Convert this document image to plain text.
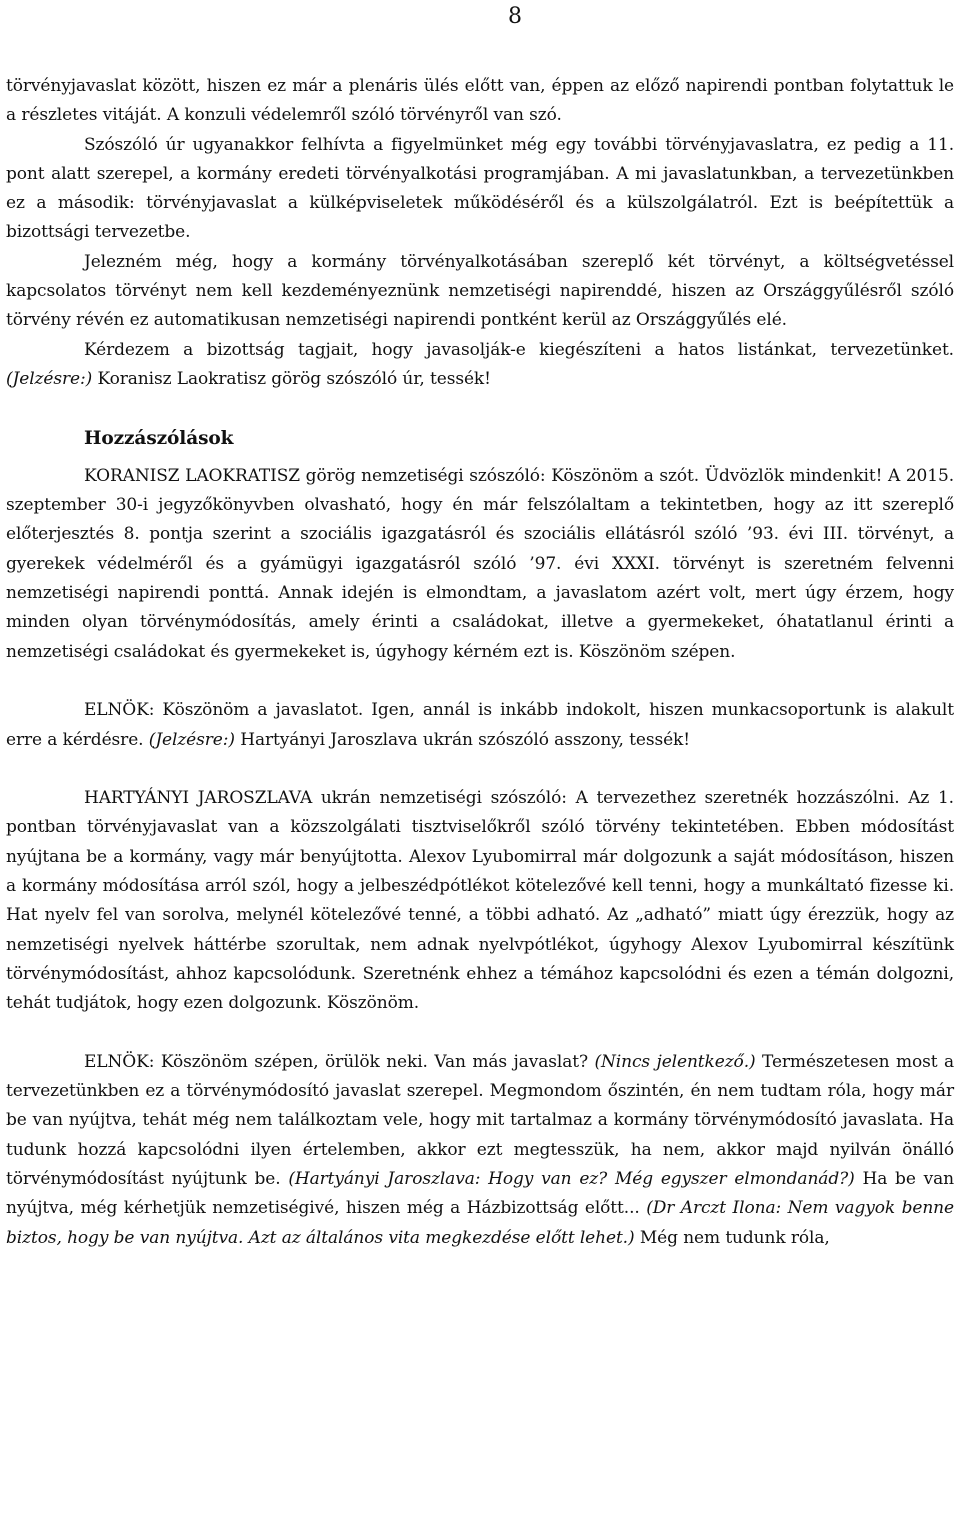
8

törvényjavaslat között, hiszen ez már a plenáris ülés előtt van, éppen az előző napirendi pontban folytattuk le a részletes vitáját. A konzuli védelemről szóló törvényről van szó.

Szószóló úr ugyanakkor felhívta a figyelmünket még egy további törvényjavaslatra, ez pedig a 11. pont alatt szerepel, a kormány eredeti törvényalkotási programjában. A mi javaslatunkban, a tervezetünkben ez a második: törvényjavaslat a külképviseletek működéséről és a külszolgálatról. Ezt is beépítettük a bizottsági tervezetbe.

Jelezném még, hogy a kormány törvényalkotásában szereplő két törvényt, a költségvetéssel kapcsolatos törvényt nem kell kezdeményeznünk nemzetiségi napirenddé, hiszen az Országgyűlésről szóló törvény révén ez automatikusan nemzetiségi napirendi pontként kerül az Országgyűlés elé.

Kérdezem a bizottság tagjait, hogy javasolják-e kiegészíteni a hatos listánkat, tervezetünket. (Jelzésre:) Koranisz Laokratisz görög szószóló úr, tessék!

Hozzászólások

KORANISZ LAOKRATISZ görög nemzetiségi szószóló: Köszönöm a szót. Üdvözlök mindenkit! A 2015. szeptember 30-i jegyzőkönyvben olvasható, hogy én már felszólaltam a tekintetben, hogy az itt szereplő előterjesztés 8. pontja szerint a szociális igazgatásról és szociális ellátásról szóló ’93. évi III. törvényt, a gyerekek védelméről és a gyámügyi igazgatásról szóló ’97. évi XXXI. törvényt is szeretném felvenni nemzetiségi napirendi ponttá. Annak idején is elmondtam, a javaslatom azért volt, mert úgy érzem, hogy minden olyan törvénymódosítás, amely érinti a családokat, illetve a gyermekeket, óhatatlanul érinti a nemzetiségi családokat és gyermekeket is, úgyhogy kérném ezt is. Köszönöm szépen.

ELNÖK: Köszönöm a javaslatot. Igen, annál is inkább indokolt, hiszen munkacsoportunk is alakult erre a kérdésre. (Jelzésre:) Hartyányi Jaroszlava ukrán szószóló asszony, tessék!

HARTYÁNYI JAROSZLAVA ukrán nemzetiségi szószóló: A tervezethez szeretnék hozzászólni. Az 1. pontban törvényjavaslat van a közszolgálati tisztviselőkről szóló törvény tekintetében. Ebben módosítást nyújtana be a kormány, vagy már benyújtotta. Alexov Lyubomirral már dolgozunk a saját módosításon, hiszen a kormány módosítása arról szól, hogy a jelbeszédpótlékot kötelezővé kell tenni, hogy a munkáltató fizesse ki. Hat nyelv fel van sorolva, melynél kötelezővé tenné, a többi adható. Az „adható” miatt úgy érezzük, hogy az nemzetiségi nyelvek háttérbe szorultak, nem adnak nyelvpótlékot, úgyhogy Alexov Lyubomirral készítünk törvénymódosítást, ahhoz kapcsolódunk. Szeretnénk ehhez a témához kapcsolódni és ezen a témán dolgozni, tehát tudjátok, hogy ezen dolgozunk. Köszönöm.

ELNÖK: Köszönöm szépen, örülök neki. Van más javaslat? (Nincs jelentkező.) Természetesen most a tervezetünkben ez a törvénymódosító javaslat szerepel. Megmondom őszintén, én nem tudtam róla, hogy már be van nyújtva, tehát még nem találkoztam vele, hogy mit tartalmaz a kormány törvénymódosító javaslata. Ha tudunk hozzá kapcsolódni ilyen értelemben, akkor ezt megtesszük, ha nem, akkor majd nyilván önálló törvénymódosítást nyújtunk be. (Hartyányi Jaroszlava: Hogy van ez? Még egyszer elmondanád?) Ha be van nyújtva, még kérhetjük nemzetiségivé, hiszen még a Házbizottság előtt... (Dr Arczt Ilona: Nem vagyok benne biztos, hogy be van nyújtva. Azt az általános vita megkezdése előtt lehet.) Még nem tudunk róla,
